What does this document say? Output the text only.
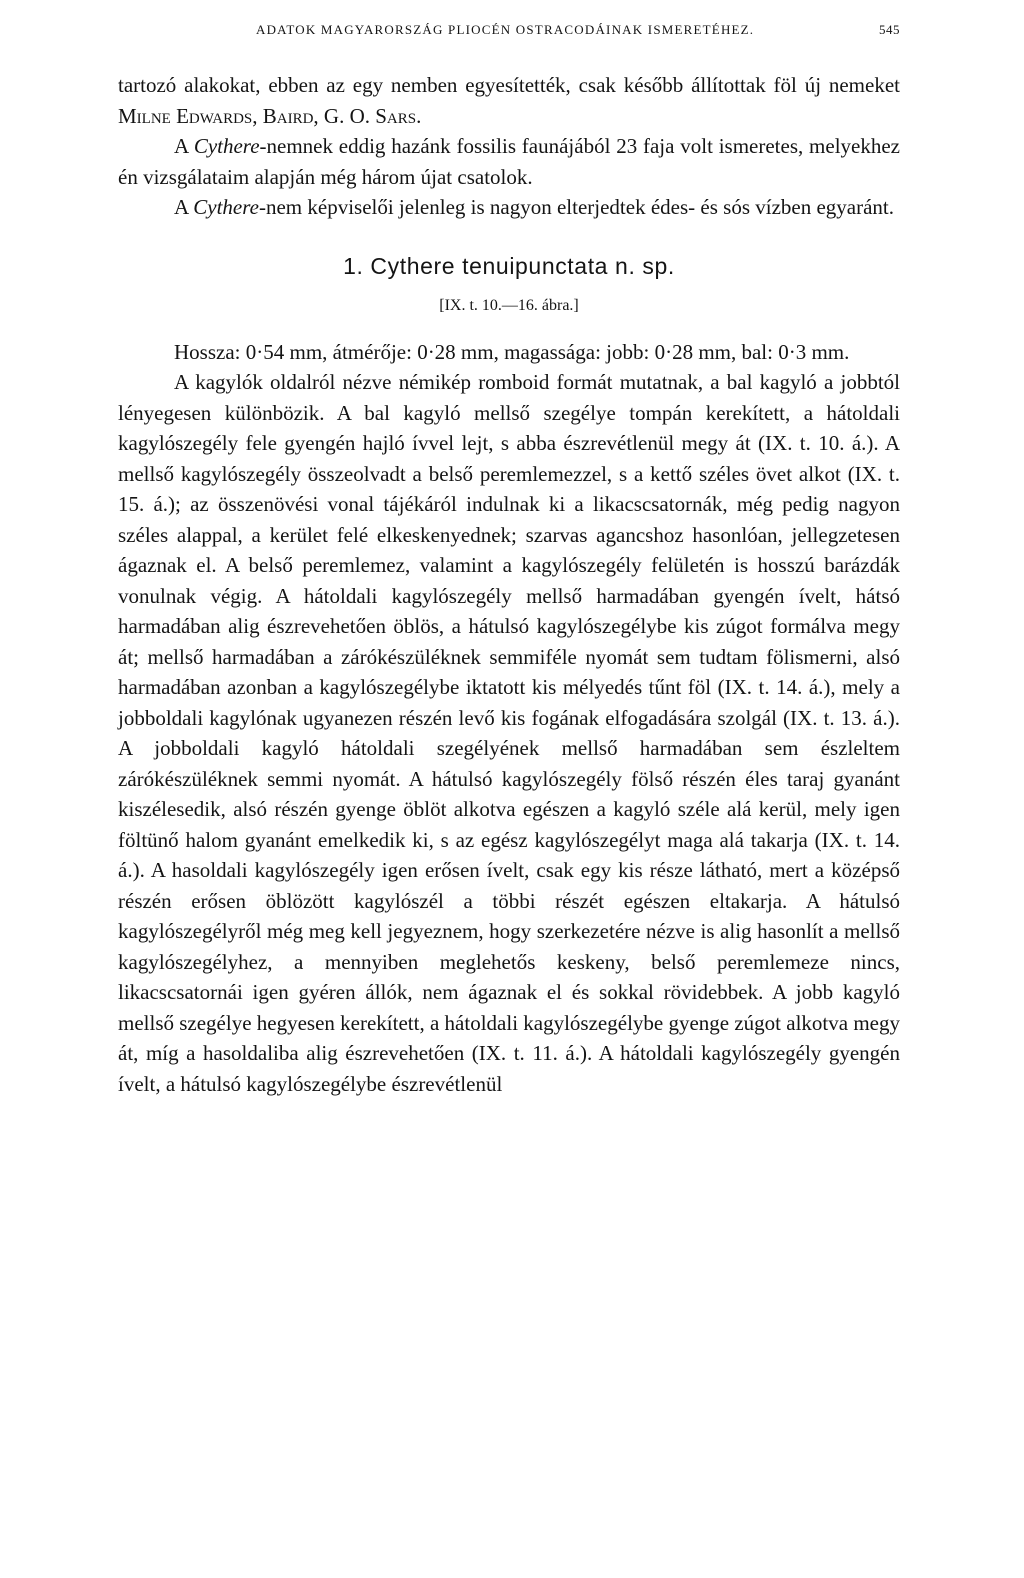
ADATOK MAGYARORSZÁG PLIOCÉN OSTRACODÁINAK ISMERETÉHEZ.	545

tartozó alakokat, ebben az egy nemben egyesítették, csak később állítottak föl új nemeket Milne Edwards, Baird, G. O. Sars.

A Cythere-nemnek eddig hazánk fossilis faunájából 23 faja volt ismeretes, melyekhez én vizsgálataim alapján még három újat csatolok.

A Cythere-nem képviselői jelenleg is nagyon elterjedtek édes- és sós vízben egyaránt.

1. Cythere tenuipunctata n. sp.
[IX. t. 10.—16. ábra.]

Hossza: 0·54 mm, átmérője: 0·28 mm, magassága: jobb: 0·28 mm, bal: 0·3 mm.

A kagylók oldalról nézve némikép romboid formát mutatnak, a bal kagyló a jobbtól lényegesen különbözik. A bal kagyló mellső szegélye tompán kerekített, a hátoldali kagylószegély fele gyengén hajló ívvel lejt, s abba észrevétlenül megy át (IX. t. 10. á.). A mellső kagylószegély összeolvadt a belső peremlemezzel, s a kettő széles övet alkot (IX. t. 15. á.); az összenövési vonal tájékáról indulnak ki a likacscsatornák, még pedig nagyon széles alappal, a kerület felé elkeskenyednek; szarvas agancshoz hasonlóan, jellegzetesen ágaznak el. A belső peremlemez, valamint a kagylószegély felületén is hosszú barázdák vonulnak végig. A hátoldali kagylószegély mellső harmadában gyengén ívelt, hátsó harmadában alig észrevehetően öblös, a hátulsó kagylószegélybe kis zúgot formálva megy át; mellső harmadában a zárókészüléknek semmiféle nyomát sem tudtam fölismerni, alsó harmadában azonban a kagylószegélybe iktatott kis mélyedés tűnt föl (IX. t. 14. á.), mely a jobboldali kagylónak ugyanezen részén levő kis fogának elfogadására szolgál (IX. t. 13. á.). A jobboldali kagyló hátoldali szegélyének mellső harmadában sem észleltem zárókészüléknek semmi nyomát. A hátulsó kagylószegély fölső részén éles taraj gyanánt kiszélesedik, alsó részén gyenge öblöt alkotva egészen a kagyló széle alá kerül, mely igen föltünő halom gyanánt emelkedik ki, s az egész kagylószegélyt maga alá takarja (IX. t. 14. á.). A hasoldali kagylószegély igen erősen ívelt, csak egy kis része látható, mert a középső részén erősen öblözött kagylószél a többi részét egészen eltakarja. A hátulsó kagylószegélyről még meg kell jegyeznem, hogy szerkezetére nézve is alig hasonlít a mellső kagylószegélyhez, a mennyiben meglehetős keskeny, belső peremlemeze nincs, likacscsatornái igen gyéren állók, nem ágaznak el és sokkal rövidebbek. A jobb kagyló mellső szegélye hegyesen kerekített, a hátoldali kagylószegélybe gyenge zúgot alkotva megy át, míg a hasoldaliba alig észrevehetően (IX. t. 11. á.). A hátoldali kagylószegély gyengén ívelt, a hátulsó kagylószegélybe észrevétlenül
